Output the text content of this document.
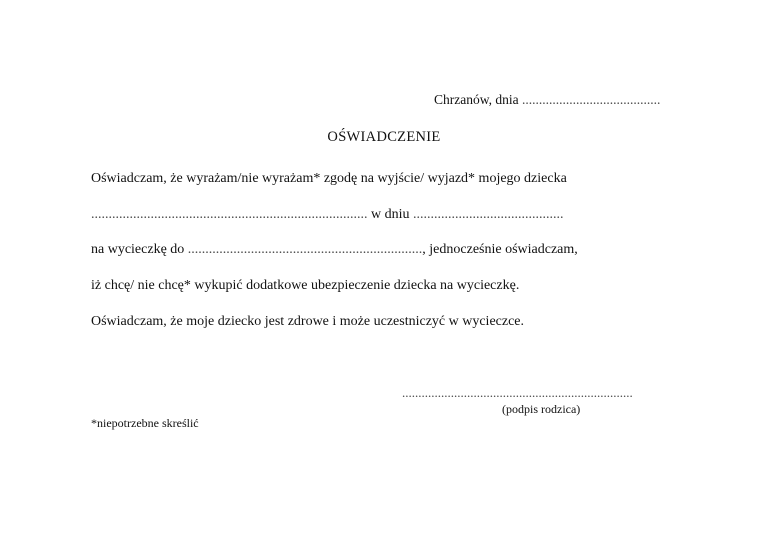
Chrzanów, dnia .........................................
OŚWIADCZENIE
Oświadczam, że wyrażam/nie wyrażam* zgodę na wyjście/ wyjazd* mojego dziecka
............................................................................... w dniu ...........................................
na wycieczkę do ..................................................................., jednocześnie oświadczam,
iż chcę/ nie chcę* wykupić dodatkowe ubezpieczenie dziecka na wycieczkę.
Oświadczam, że moje dziecko jest zdrowe i może uczestniczyć w wycieczce.
.......................................................................
(podpis rodzica)
*niepotrzebne skreślić
